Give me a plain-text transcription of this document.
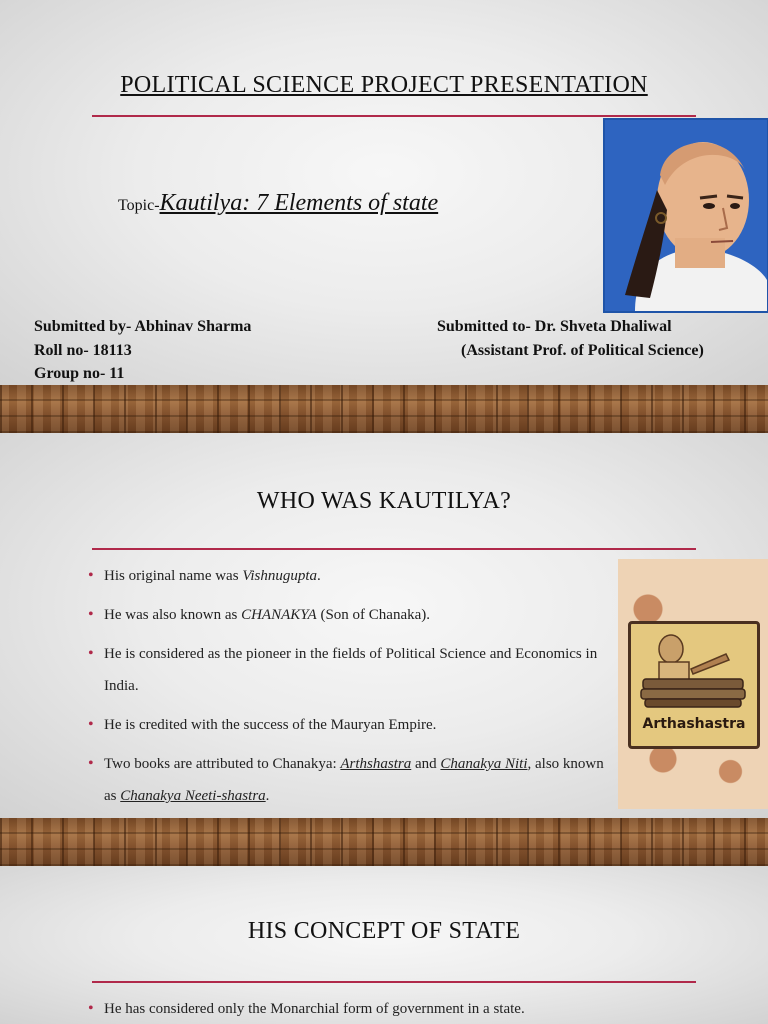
POLITICAL SCIENCE PROJECT PRESENTATION
Topic-Kautilya: 7 Elements of state
Submitted by- Abhinav Sharma
Roll no- 18113
Group no- 11
Submitted to- Dr. Shveta Dhaliwal
(Assistant Prof. of Political Science)
WHO WAS KAUTILYA?
• His original name was Vishnugupta.
• He was also known as CHANAKYA (Son of Chanaka).
• He is considered as the pioneer in the fields of Political Science and Economics in India.
• He is credited with the success of the Mauryan Empire.
• Two books are attributed to Chanakya: Arthshastra and Chanakya Niti, also known as Chanakya Neeti-shastra.
Arthashastra
HIS CONCEPT OF STATE
• He has considered only the Monarchial form of government in a state.
